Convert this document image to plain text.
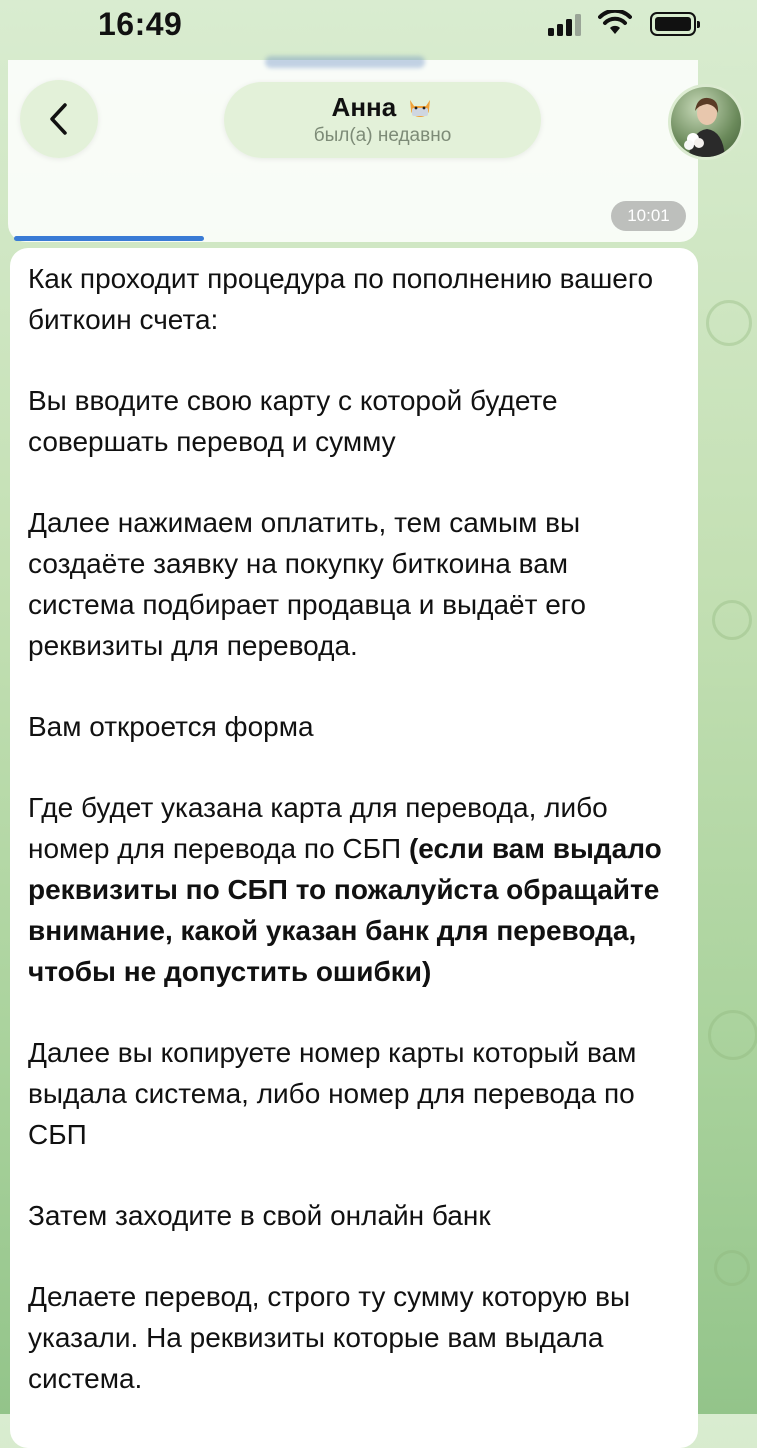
16:49
10:01
Анна
был(а) недавно

Как проходит процедура по пополнению вашего биткоин счета:

Вы вводите свою карту с которой будете совершать перевод и сумму

Далее нажимаем оплатить, тем самым вы создаёте заявку на покупку биткоина вам система подбирает продавца и выдаёт его реквизиты для перевода.

Вам откроется форма

Где будет указана карта для перевода, либо номер для перевода по СБП (если вам выдало реквизиты по СБП то пожалуйста обращайте внимание, какой указан банк для перевода, чтобы не допустить ошибки)

Далее вы копируете номер карты который вам выдала система, либо номер для перевода по СБП

Затем заходите в свой онлайн банк

Делаете перевод, строго ту сумму которую вы указали. На реквизиты которые вам выдала система.
